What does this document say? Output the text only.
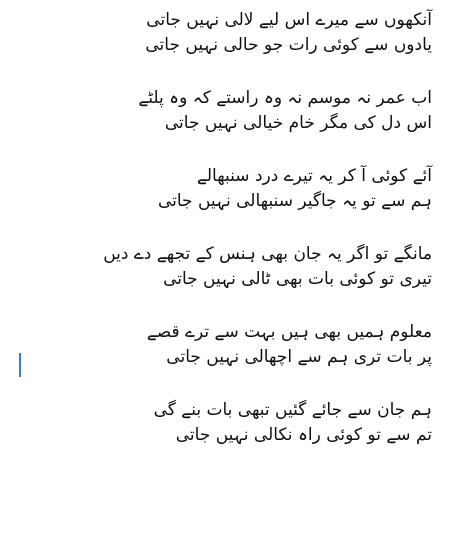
آنکھوں سے میرے اس لیے لالی نہیں جاتی
یادوں سے کوئی رات جو حالی نہیں جاتی
اب عمر نہ موسم نہ وہ راستے کہ وہ پلٹے
اس دل کی مگر خام خیالی نہیں جاتی
آئے کوئی آ کر یہ تیرے درد سنبھالے
ہم سے تو یہ جاگیر سنبھالی نہیں جاتی
مانگے تو اگر یہ جان بھی ہنس کے تجھے دے دیں
تیری تو کوئی بات بھی ٹالی نہیں جاتی
معلوم ہمیں بھی ہیں بہت سے ترے قصے
پر بات تری ہم سے اچھالی نہیں جاتی
ہم جان سے جائے گئیں تبھی بات بنے گی
تم سے تو کوئی راہ نکالی نہیں جاتی
